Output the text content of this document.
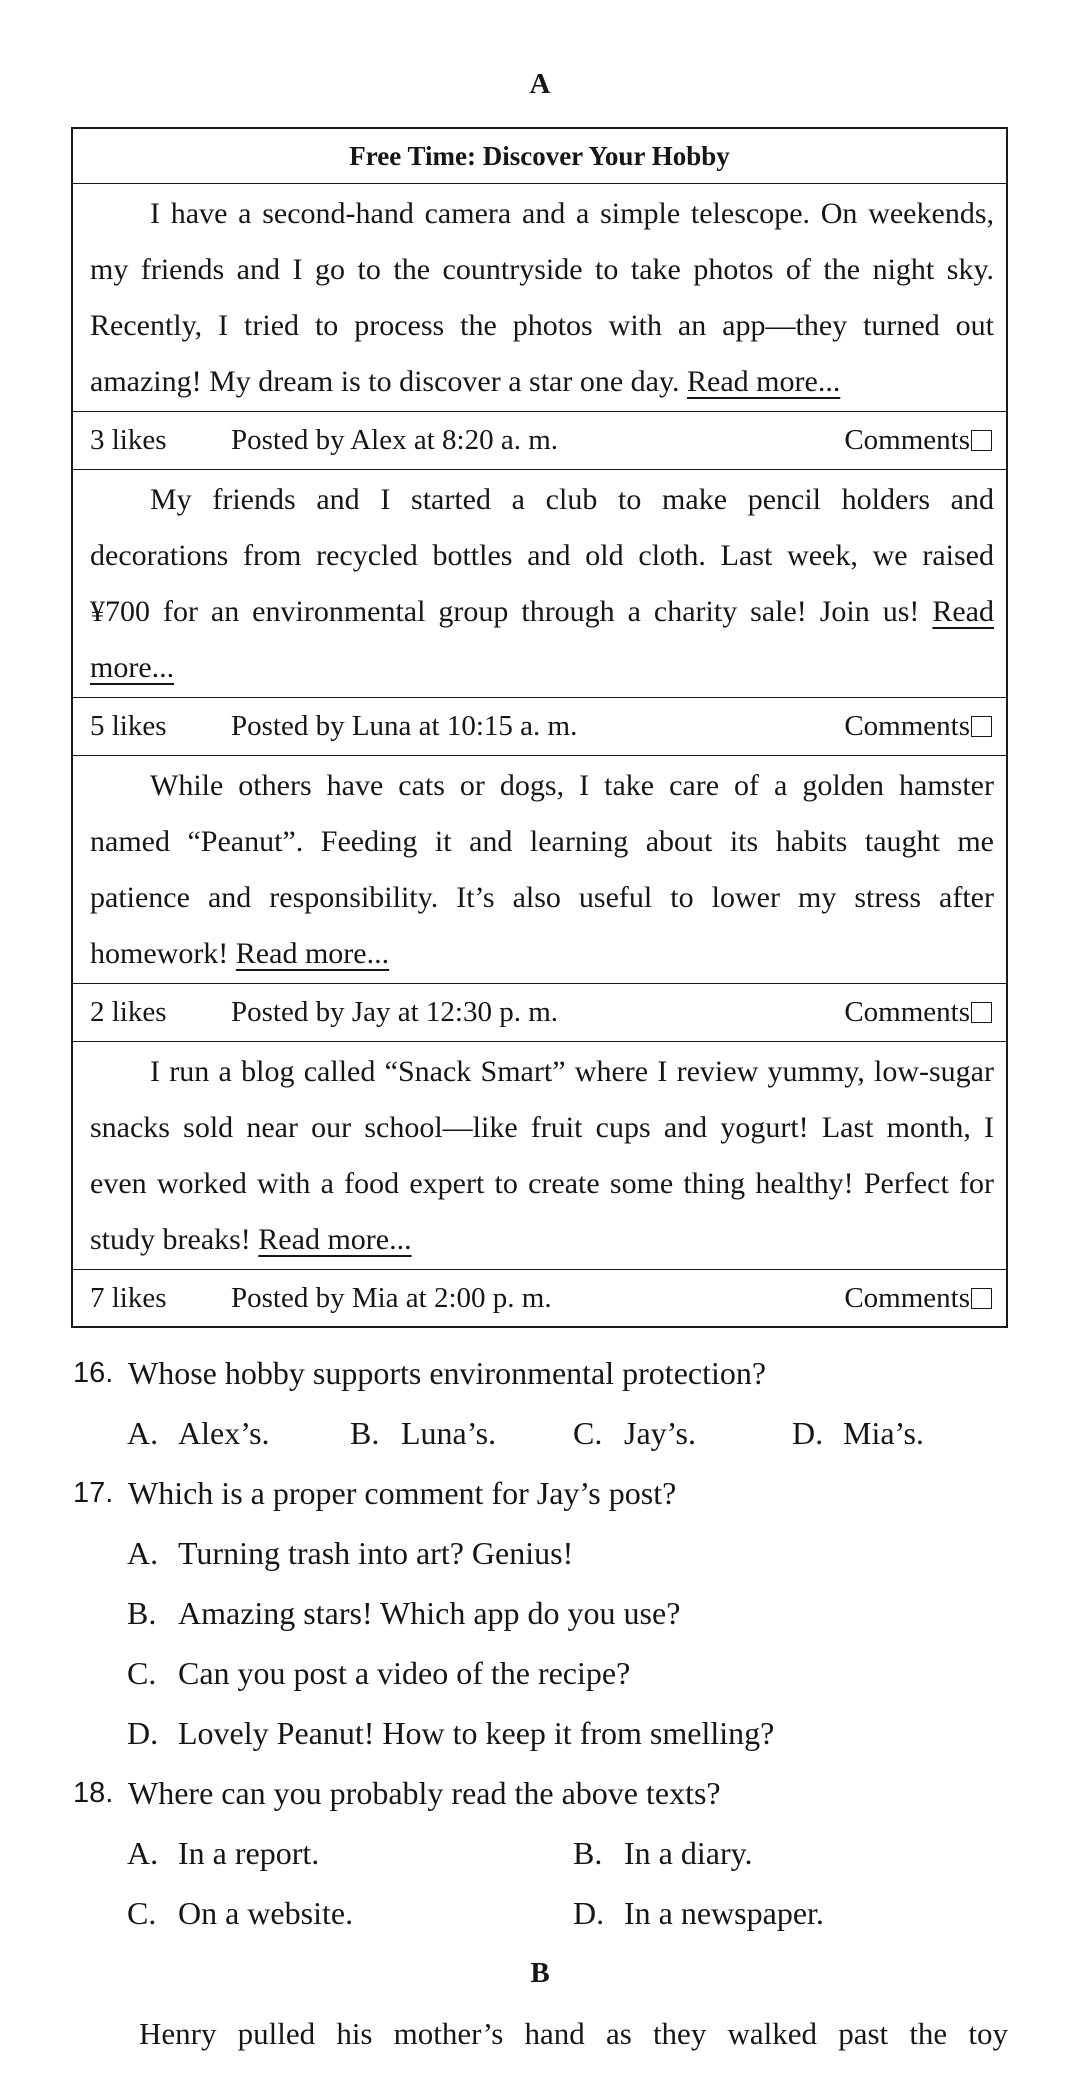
A
Free Time: Discover Your Hobby
I have a second-hand camera and a simple telescope. On weekends,
my friends and I go to the countryside to take photos of the night sky.
Recently, I tried to process the photos with an app—they turned out
amazing! My dream is to discover a star one day. Read more...
3 likes	Posted by Alex at 8:20 a. m.	Comments
My friends and I started a club to make pencil holders and
decorations from recycled bottles and old cloth. Last week, we raised
¥700 for an environmental group through a charity sale! Join us! Read
more...
5 likes	Posted by Luna at 10:15 a. m.	Comments
While others have cats or dogs, I take care of a golden hamster
named “Peanut”. Feeding it and learning about its habits taught me
patience and responsibility. It’s also useful to lower my stress after
homework! Read more...
2 likes	Posted by Jay at 12:30 p. m.	Comments
I run a blog called “Snack Smart” where I review yummy, low-sugar
snacks sold near our school—like fruit cups and yogurt! Last month, I
even worked with a food expert to create some thing healthy! Perfect for
study breaks! Read more...
7 likes	Posted by Mia at 2:00 p. m.	Comments
16. Whose hobby supports environmental protection?
A. Alex’s.	B. Luna’s. C. Jay’s.	D. Mia’s.
17. Which is a proper comment for Jay’s post?
A. Turning trash into art? Genius!
B. Amazing stars! Which app do you use?
C. Can you post a video of the recipe?
D. Lovely Peanut! How to keep it from smelling?
18. Where can you probably read the above texts?
A. In a report.	B. In a diary.
C. On a website.	D. In a newspaper.
B
Henry pulled his mother’s hand as they walked past the toy
